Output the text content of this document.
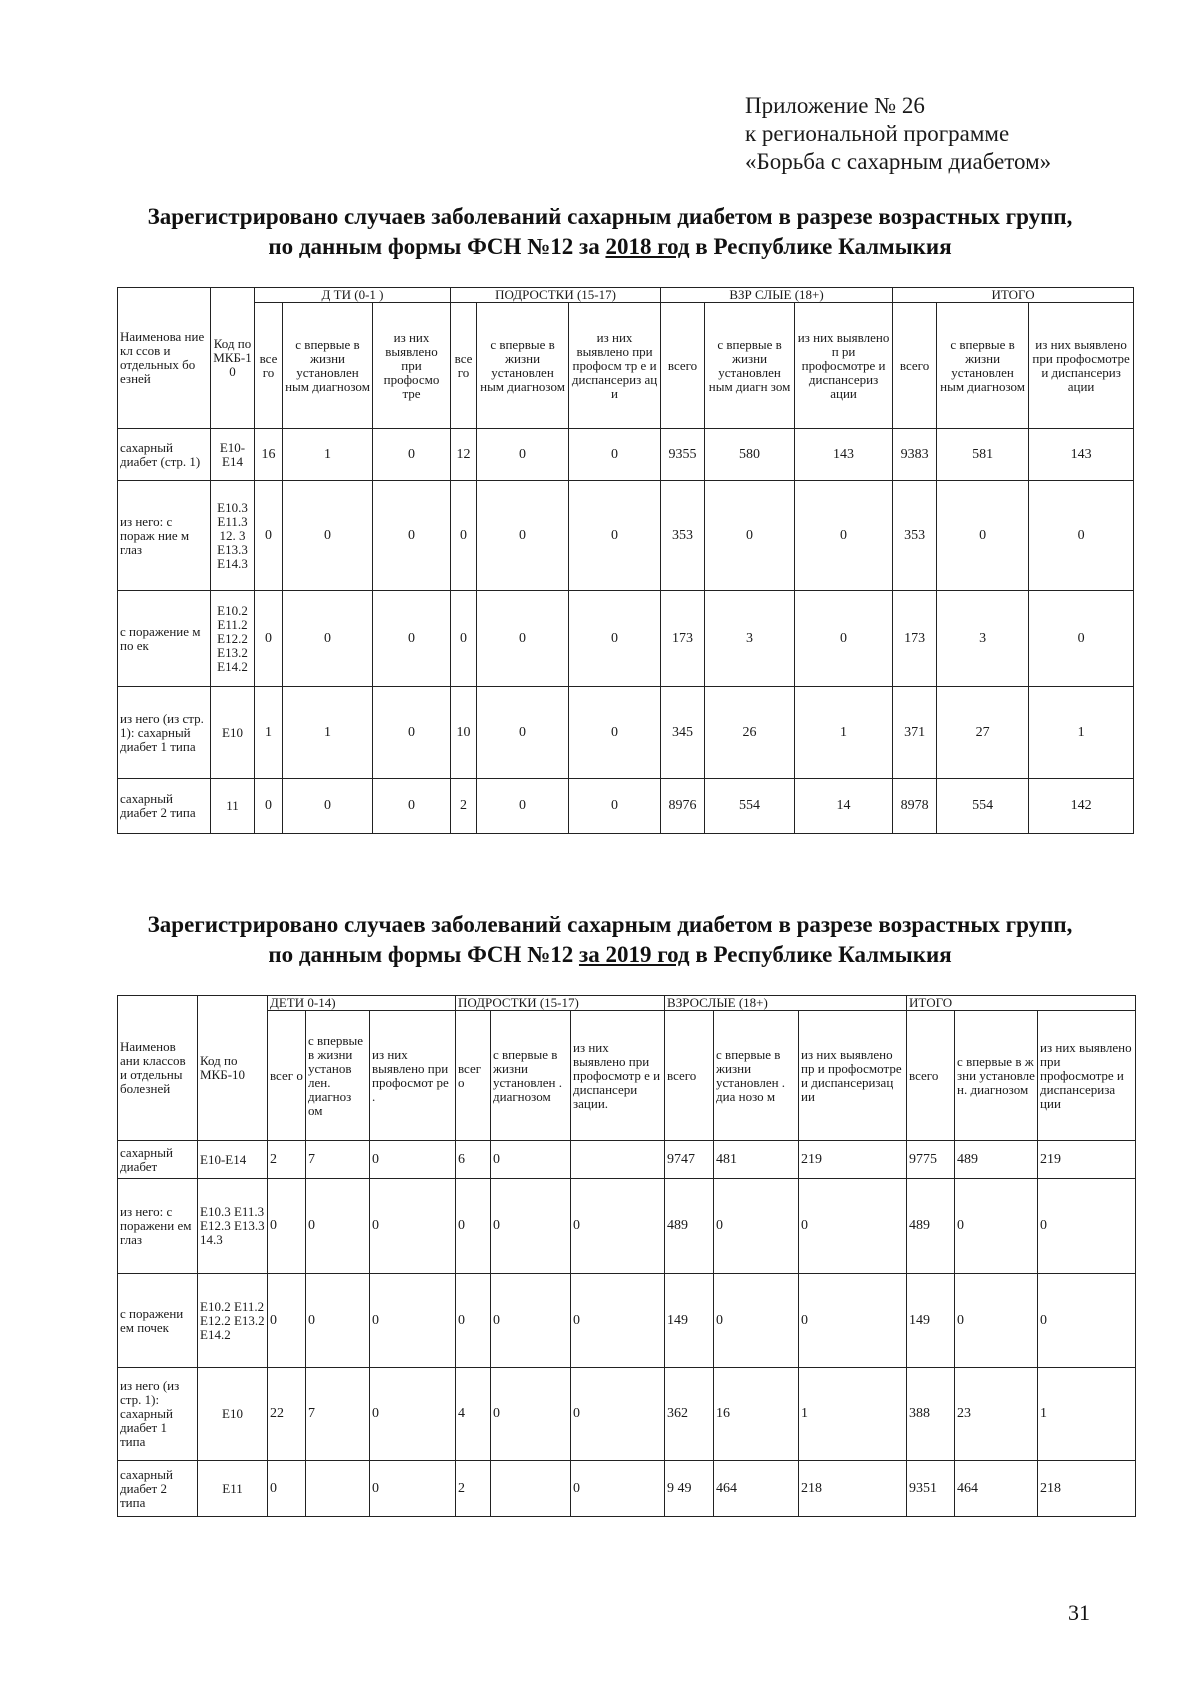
Приложение № 26
к региональной программе
«Борьба с сахарным диабетом»
Зарегистрировано случаев заболеваний сахарным диабетом в разрезе возрастных групп,
по данным формы ФСН №12 за 2018 год в Республике Калмыкия
Наименова ние кл ссов и отдельных бо езней	Код по МКБ-10	Д ТИ (0-1 )			ПОДРОСТКИ (15-17)			ВЗР СЛЫЕ (18+)			ИТОГО		
		все го	с впервые в жизни установлен ным диагнозом	из них выявлено при профосмо тре	все го	с впервые в жизни установлен ным диагнозом	из них выявлено при профосм тр е и диспансериз ац и	всего	с впервые в жизни установлен ным диагн зом	из них выявлено п ри профосмотре и диспансериз ации	всего	с впервые в жизни установлен ным диагнозом	из них выявлено при профосмотре и диспансериз ации
сахарный диабет (стр. 1)	Е10- Е14	16	1	0	12	0	0	9355	580	143	9383	581	143
из него: с пораж ние м глаз	Е10.3 Е11.3 12. 3 Е13.3 Е14.3	0	0	0	0	0	0	353	0	0	353	0	0
с поражение м по ек	Е10.2 Е11.2 Е12.2 Е13.2 Е14.2	0	0	0	0	0	0	173	3	0	173	3	0
из него (из стр. 1): сахарный диабет 1 типа	Е10	1	1	0	10	0	0	345	26	1	371	27	1
сахарный диабет 2 типа	11	0	0	0	2	0	0	8976	554	14	8978	554	142
Зарегистрировано случаев заболеваний сахарным диабетом в разрезе возрастных групп,
по данным формы ФСН №12 за 2019 год в Республике Калмыкия
Наименов ани классов и отдельны болезней	Код по МКБ-10	ДЕТИ 0-14)			ПОДРОСТКИ (15-17)			ВЗРОСЛЫЕ (18+)			ИТОГО		
		всег о	с впервые в жизни установ лен. диагноз ом	из них выявлено при профосмот ре .	всег о	с впервые в жизни установлен . диагнозом	из них выявлено при профосмотр е и диспансери зации.	всего	с впервые в жизни установлен . диа нозо м	из них выявлено пр и профосмотре и диспансеризац ии	всего	с впервые в ж зни установле н. диагнозом	из них выявлено при профосмотре и диспансериза ции
сахарный диабет	Е10-Е14	2	7	0	6	0		9747	481	219	9775	489	219
из него: с поражени ем глаз	Е10.3 Е11.3 Е12.3 Е13.3 14.3	0	0	0	0	0	0	489	0	0	489	0	0
с поражени ем почек	Е10.2 Е11.2 Е12.2 Е13.2 Е14.2	0	0	0	0	0	0	149	0	0	149	0	0
из него (из стр. 1): сахарный диабет 1 типа	Е10	22	7	0	4	0	0	362	16	1	388	23	1
сахарный диабет 2 типа	Е11	0		0	2		0	9 49	464	218	9351	464	218
31
